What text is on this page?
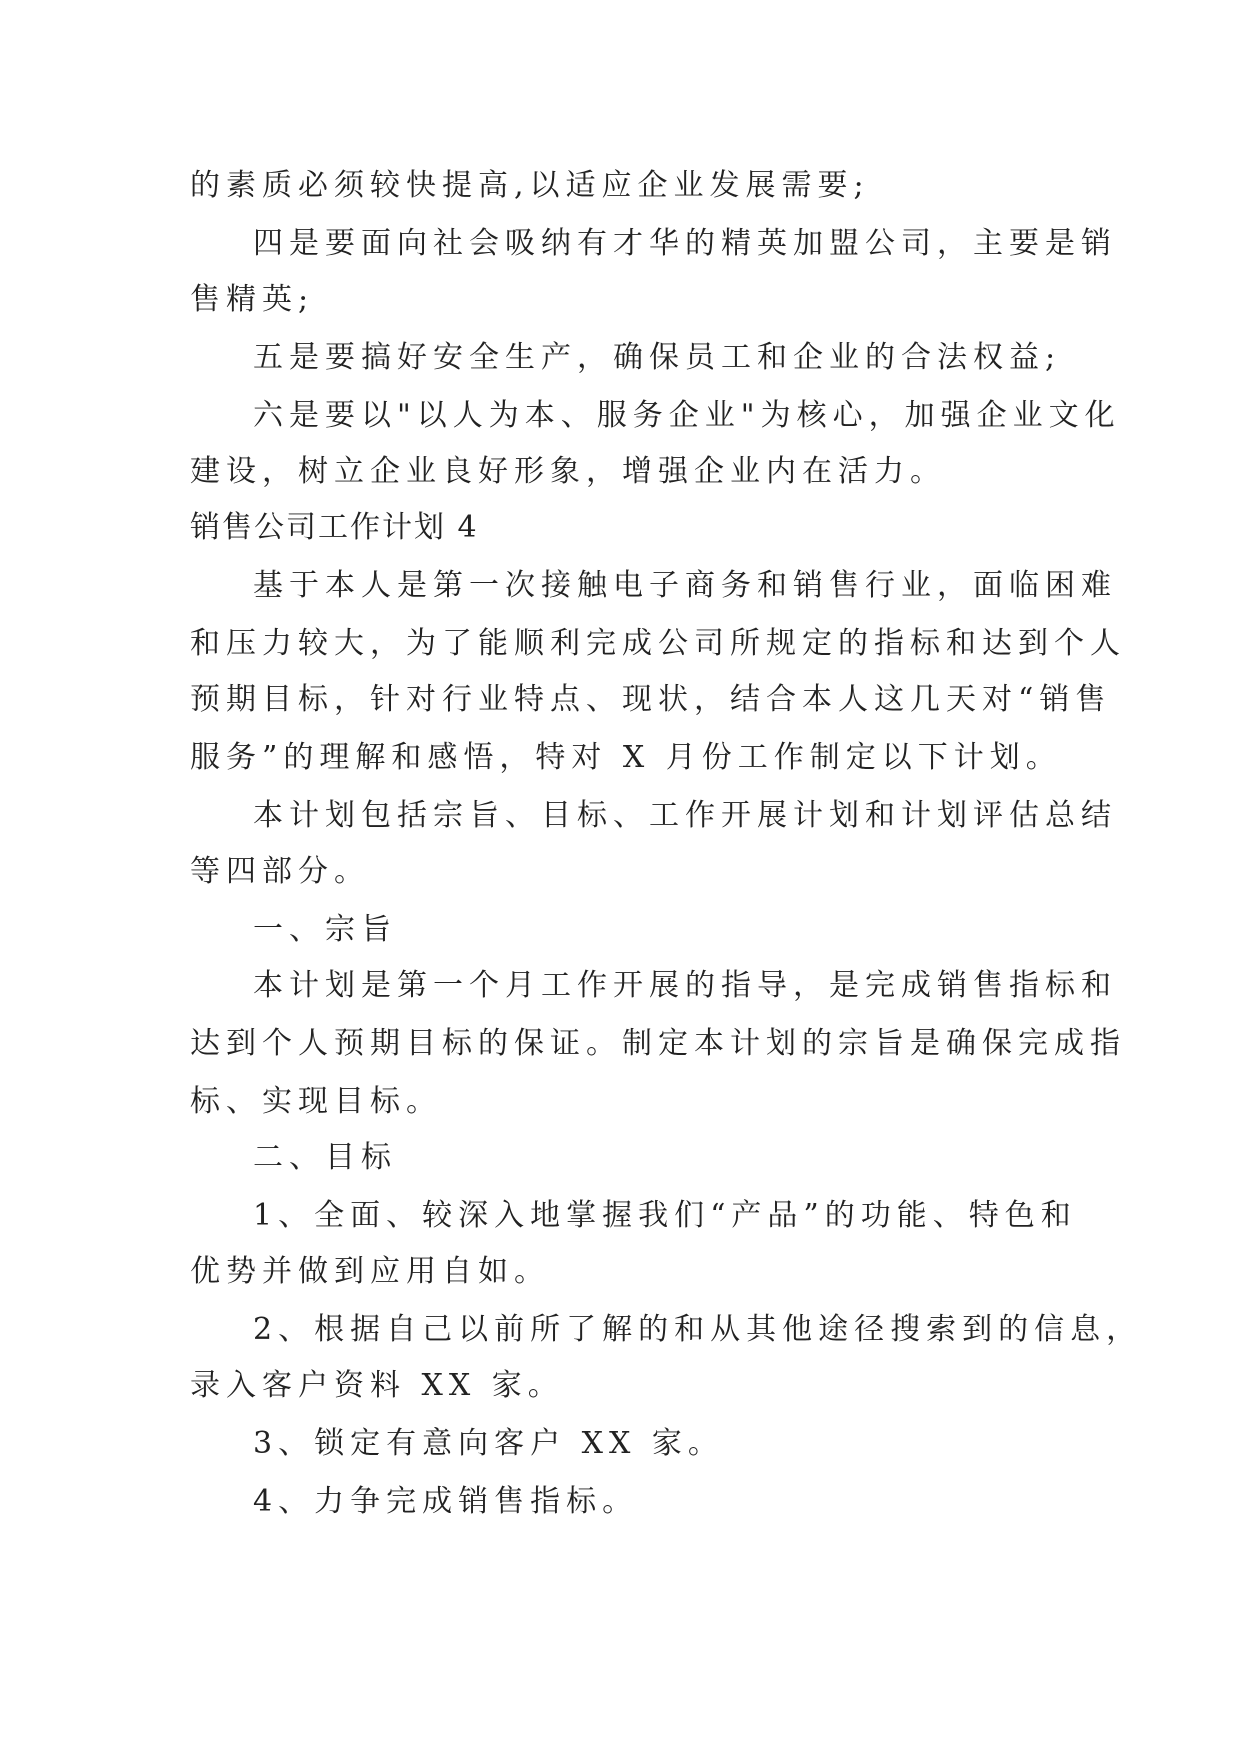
的素质必须较快提高,以适应企业发展需要;
四是要面向社会吸纳有才华的精英加盟公司，主要是销
售精英;
五是要搞好安全生产，确保员工和企业的合法权益;
六是要以"以人为本、服务企业"为核心，加强企业文化
建设，树立企业良好形象，增强企业内在活力。
销售公司工作计划 4
基于本人是第一次接触电子商务和销售行业，面临困难
和压力较大，为了能顺利完成公司所规定的指标和达到个人
预期目标，针对行业特点、现状，结合本人这几天对“销售
服务”的理解和感悟，特对 X 月份工作制定以下计划。
本计划包括宗旨、目标、工作开展计划和计划评估总结
等四部分。
一、宗旨
本计划是第一个月工作开展的指导，是完成销售指标和
达到个人预期目标的保证。制定本计划的宗旨是确保完成指
标、实现目标。
二、目标
1、全面、较深入地掌握我们“产品”的功能、特色和
优势并做到应用自如。
2、根据自己以前所了解的和从其他途径搜索到的信息，
录入客户资料 XX 家。
3、锁定有意向客户 XX 家。
4、力争完成销售指标。
